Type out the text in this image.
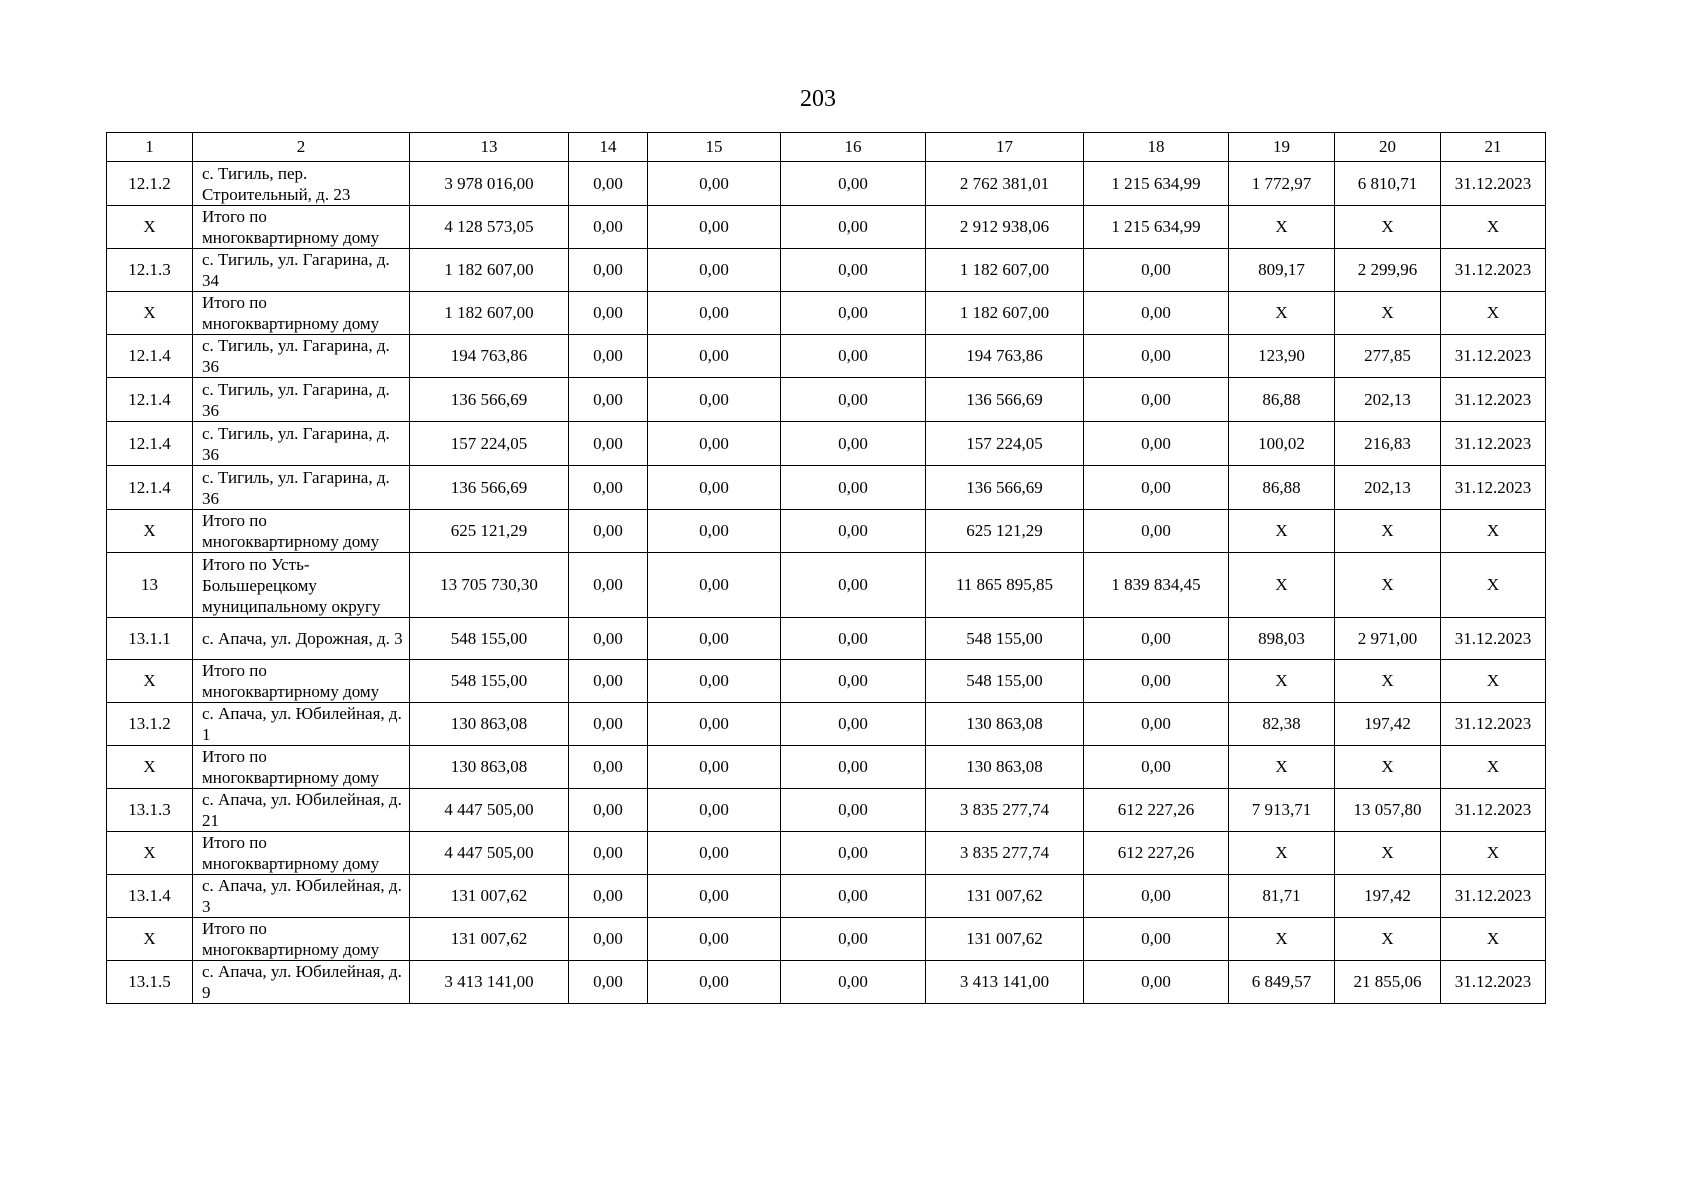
203
1	2	13	14	15	16	17	18	19	20	21
12.1.2	с. Тигиль, пер. Строительный, д. 23	3 978 016,00	0,00	0,00	0,00	2 762 381,01	1 215 634,99	1 772,97	6 810,71	31.12.2023
X	Итого по многоквартирному дому	4 128 573,05	0,00	0,00	0,00	2 912 938,06	1 215 634,99	X	X	X
12.1.3	с. Тигиль, ул. Гагарина, д. 34	1 182 607,00	0,00	0,00	0,00	1 182 607,00	0,00	809,17	2 299,96	31.12.2023
X	Итого по многоквартирному дому	1 182 607,00	0,00	0,00	0,00	1 182 607,00	0,00	X	X	X
12.1.4	с. Тигиль, ул. Гагарина, д. 36	194 763,86	0,00	0,00	0,00	194 763,86	0,00	123,90	277,85	31.12.2023
12.1.4	с. Тигиль, ул. Гагарина, д. 36	136 566,69	0,00	0,00	0,00	136 566,69	0,00	86,88	202,13	31.12.2023
12.1.4	с. Тигиль, ул. Гагарина, д. 36	157 224,05	0,00	0,00	0,00	157 224,05	0,00	100,02	216,83	31.12.2023
12.1.4	с. Тигиль, ул. Гагарина, д. 36	136 566,69	0,00	0,00	0,00	136 566,69	0,00	86,88	202,13	31.12.2023
X	Итого по многоквартирному дому	625 121,29	0,00	0,00	0,00	625 121,29	0,00	X	X	X
13	Итого по Усть-Большерецкому муниципальному округу	13 705 730,30	0,00	0,00	0,00	11 865 895,85	1 839 834,45	X	X	X
13.1.1	с. Апача, ул. Дорожная, д. 3	548 155,00	0,00	0,00	0,00	548 155,00	0,00	898,03	2 971,00	31.12.2023
X	Итого по многоквартирному дому	548 155,00	0,00	0,00	0,00	548 155,00	0,00	X	X	X
13.1.2	с. Апача, ул. Юбилейная, д. 1	130 863,08	0,00	0,00	0,00	130 863,08	0,00	82,38	197,42	31.12.2023
X	Итого по многоквартирному дому	130 863,08	0,00	0,00	0,00	130 863,08	0,00	X	X	X
13.1.3	с. Апача, ул. Юбилейная, д. 21	4 447 505,00	0,00	0,00	0,00	3 835 277,74	612 227,26	7 913,71	13 057,80	31.12.2023
X	Итого по многоквартирному дому	4 447 505,00	0,00	0,00	0,00	3 835 277,74	612 227,26	X	X	X
13.1.4	с. Апача, ул. Юбилейная, д. 3	131 007,62	0,00	0,00	0,00	131 007,62	0,00	81,71	197,42	31.12.2023
X	Итого по многоквартирному дому	131 007,62	0,00	0,00	0,00	131 007,62	0,00	X	X	X
13.1.5	с. Апача, ул. Юбилейная, д. 9	3 413 141,00	0,00	0,00	0,00	3 413 141,00	0,00	6 849,57	21 855,06	31.12.2023
